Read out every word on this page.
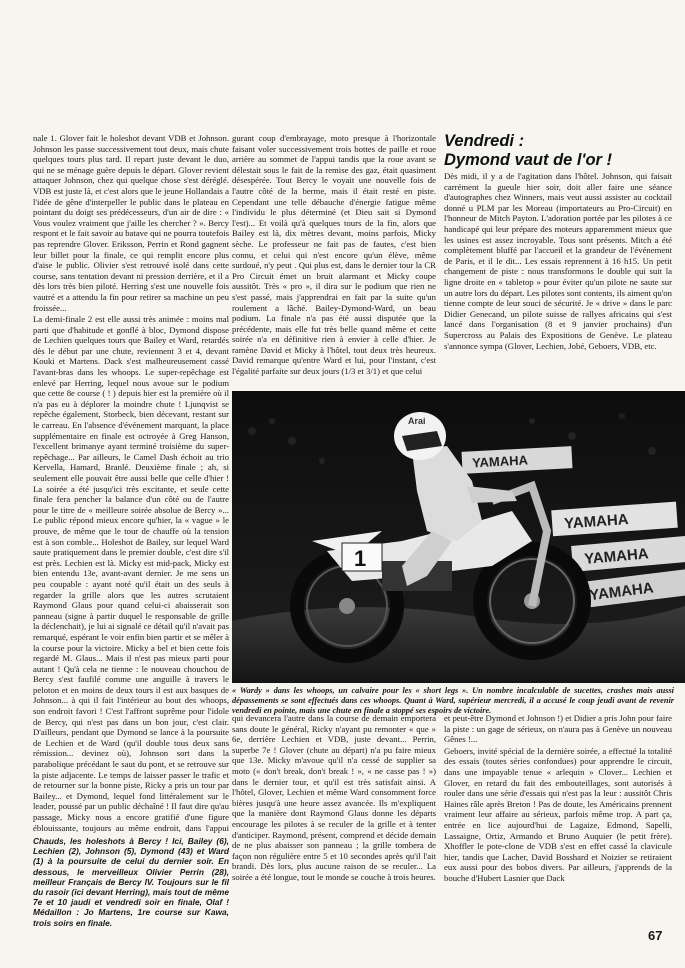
nale 1. Glover fait le holeshot devant VDB et Johnson. Johnson les passe successivement tout deux, mais chute quelques tours plus tard. Il repart juste devant le duo, qui ne se ménage guère depuis le départ. Glover revient attaquer Johnson, chez qui quelque chose s'est déréglé. VDB est juste là, et c'est alors que le jeune Hollandais a l'idée de gêne d'interpeller le public dans le plateau en pointant du doigt ses prédécesseurs, d'un air de dire : « Vous voulez vraiment que j'aille les chercher ? ». Bercy respont et le fait savoir au batave qui ne pourra toutefois pas reprendre Glover. Eriksson, Perrin et Rond gagnent leur billet pour la finale, ce qui remplit encore plus d'aise le public. Olivier s'est retrouvé isolé dans cette course, sans tentation devant ni pression derrière, et il a dès lors très bien piloté. Herring s'est une nouvelle fois vautré et a attendu la fin pour retirer sa machine un peu froissée...

La demi-finale 2 est elle aussi très animée : moins mal parti que d'habitude et gonflé à bloc, Dymond dispose de Lechien quelques tours que Bailey et Ward, retardés dès le début par une chute, reviennent 3 et 4, devant Kouki et Martens. Dack s'est malheureusement cassé l'avant-bras dans les whoops. Le super-repêchage est enlevé par Herring, lequel nous avoue sur le podium que cette 8e course ( ! ) depuis hier est la première où il n'a pas eu à déplorer la moindre chute ! Ljunqvist se repêche également, Storbeck, bien décevant, restant sur le carreau. En l'absence d'événement marquant, la place supplémentaire en finale est octroyée à Greg Hanson, l'excellent brimanye ayant terminé troisième du super-repêchage... Par ailleurs, le Camel Dash échoit au trio Kervella, Hamard, Branlé. Deuxième finale ; ah, si seulement elle pouvait être aussi belle que celle d'hier ! La soirée a été jusqu'ici très excitante, et seule cette finale fera pencher la balance d'un côté ou de l'autre pour le titre de « meilleure soirée absolue de Bercy »... Le public répond mieux encore qu'hier, la « vague » le prouve, de même que le tour de chauffe où la tension est à son comble... Holeshot de Bailey, sur lequel Ward saute pratiquement dans le premier double, c'est dire s'il est près. Lechien est là. Micky est mid-pack, Micky est bien entendu 13e, avant-avant dernier. Je me sens un peu coupable : ayant noté qu'il était un des seuls à regarder la grille alors que les autres scrutaient Raymond Glaus pour quand celui-ci abaisserait son panneau (signe à partir duquel le responsable de grille la déclenchait), je lui ai signalé ce détail qu'il n'avait pas remarqué, espérant le voir enfin bien partir et se mêler à la course pour la victoire. Micky a bel et bien cette fois regardé M. Glaus... Mais il n'est pas mieux parti pour autant ! Qu'à cela ne tienne : le nouveau chouchou de Bercy s'est faufilé comme une anguille à travers le peloton et en moins de deux tours il est aux basques de Johnson... à qui il fait l'intérieur au bout des whoops, son endroit favori ! C'est l'affront suprême pour l'idole de Bercy, qui n'est pas dans un bon jour, c'est clair. D'ailleurs, pendant que Dymond se lance à la poursuite de Lechien et de Ward (qu'il double tous deux sans rémission... devinez où), Johnson sort dans la parabolique précédant le saut du pont, et se retrouve sur la piste adjacente. Le temps de laisser passer le trafic et de retourner sur la bonne piste, Ricky a pris un tour par Bailey... et Dymond, lequel fond littéralement sur le leader, poussé par un public déchaîné ! Il faut dire qu'au passage, Micky nous a encore gratifié d'une figure éblouissante, toujours au même endroit, dans l'appui

gurant coup d'embrayage, moto presque à l'horizontale faisant voler successivement trois bottes de paille et roue arrière au sommet de l'appui tandis que la roue avant se délestait sous le fait de la remise des gaz, était quasiment désespérée. Tout Bercy le voyait une nouvelle fois de l'autre côté de la berme, mais il était resté en piste. Cependant une telle débauche d'énergie fatigue même l'individu le plus déterminé (et Dieu sait si Dymond l'est)... Et voilà qu'à quelques tours de la fin, alors que Bailey est là, dix mètres devant, moins parfois, Micky sèche. Le professeur ne fait pas de fautes, c'est bien connu, et celui qui n'est encore qu'un élève, même surdoué, n'y peut . Qui plus est, dans le dernier tour la CR Pro Circuit émet un bruit alarmant et Micky coupe aussitôt. Très « pro », il dira sur le podium que rien ne s'est passé, mais j'apprendrai en fait par la suite qu'un roulement a lâché. Bailey-Dymond-Ward, un beau podium. La finale n'a pas été aussi disputée que la précédente, mais elle fut très belle quand même et cette soirée n'a en définitive rien à envier à celle d'hier. Je ramène David et Micky à l'hôtel, tout deux très heureux. David remarque qu'entre Ward et lui, pour l'instant, c'est l'égalité parfaite sur deux jours (1/3 et 3/1) et que celui

Vendredi :
Dymond vaut de l'or !

Dès midi, il y a de l'agitation dans l'hôtel. Johnson, qui faisait carrément la gueule hier soir, doit aller faire une séance d'autographes chez Winners, mais veut aussi assister au cocktail donné u PLM par les Moreau (importateurs au Pro-Circuit) en l'honneur de Mitch Payton. L'adoration portée par les pilotes à ce handicapé qui leur prépare des moteurs apparemment mieux que les usines est assez incroyable. Tous sont présents. Mitch a été complètement bluffé par l'accueil et la grandeur de l'événement de Paris, et il le dit... Les essais reprennent à 16 h15. Un petit changement de piste : nous transformons le double qui suit la ligne droite en « tabletop » pour éviter qu'un pilote ne saute sur un autre lors du départ. Les pilotes sont contents, ils aiment qu'on tienne compte de leur souci de sécurité. Je « drive » dans le parc Didier Genecand, un pilote suisse de rallyes africains qui s'est lancé dans l'organisation (8 et 9 janvier prochains) d'un Supercross au Palais des Expositions de Genève. Le plateau s'annonce sympa (Glover, Lechien, Jobé, Geboers, VDB, etc.

YAMAHA
YAMAHA
YAMAHA
YAMAHA
1
Arai
« Wardy » dans les whoops, un calvaire pour les « short legs ». Un nombre incalculable de sucettes, crashes mais aussi dépassements se sont effectués dans ces whoops. Quant à Ward, supérieur mercredi, il a accusé le coup jeudi avant de revenir vendredi en pointe, mais une chute en finale a stoppé ses espoirs de victoire.

qui devancera l'autre dans la course de demain emportera sans doute le général, Ricky n'ayant pu remonter « que » 6e, derrière Lechien et VDB, juste devant... Perrin, superbe 7e ! Glover (chute au départ) n'a pu faire mieux que 13e. Micky m'avoue qu'il n'a cessé de supplier sa moto (« don't break, don't break ! », « ne casse pas ! ») dans le dernier tour, et qu'il est très satisfait ainsi. A l'hôtel, Glover, Lechien et même Ward consomment force bières jusqu'à une heure assez avancée. Ils m'expliquent que la manière dont Raymond Glaus donne les départs encourage les pilotes à se reculer de la grille et à tenter d'anticiper. Raymond, présent, comprend et décide demain de ne plus abaisser son panneau ; la grille tombera de façon non régulière entre 5 et 10 secondes après qu'il l'ait brandi. Dès lors, plus aucune raison de se reculer... La soirée a été longue, tout le monde se couche à trois heures.

et peut-être Dymond et Johnson !) et Didier a pris John pour faire la piste : un gage de sérieux, on n'aura pas à Genève un nouveau Gênes !...

Geboers, invité spécial de la dernière soirée, a effectué la totalité des essais (toutes séries confondues) pour apprendre le circuit, dans une impayable tenue « arlequin » Clover... Lechien et Glover, en retard du fait des embouteillages, sont autorisés à rouler dans une série d'essais qui n'est pas la leur : aussitôt Chris Haines râle après Breton ! Pas de doute, les Américains prennent vraiment leur affaire au sérieux, parfois même trop. A part ça, entrée en lice aujourd'hui de Lagaize, Edmond, Sapelli, Lassaigne, Ortiz, Armando et Bruno Auquier (le petit frère). Xhoffler le pote-clone de VDB s'est en effet cassé la clavicule hier, tandis que Lacher, David Bosshard et Noizier se retiraient eux aussi pour des bobos divers. Par ailleurs, j'apprends de la bouche d'Hubert Lasnier que Dack

Chauds, les holeshots à Bercy ! Ici, Bailey (6), Lechien (2), Johnson (5), Dymond (43) et Ward (1) à la poursuite de celui du dernier soir. En dessous, le merveilleux Olivier Perrin (28), meilleur Français de Bercy IV. Toujours sur le fil du rasoir (ici devant Herring), mais tout de même 7e et 10 jaudi et vendredi soir en finale, Olaf ! Médaillon : Jo Martens, 1re course sur Kawa, trois soirs en finale.
67
